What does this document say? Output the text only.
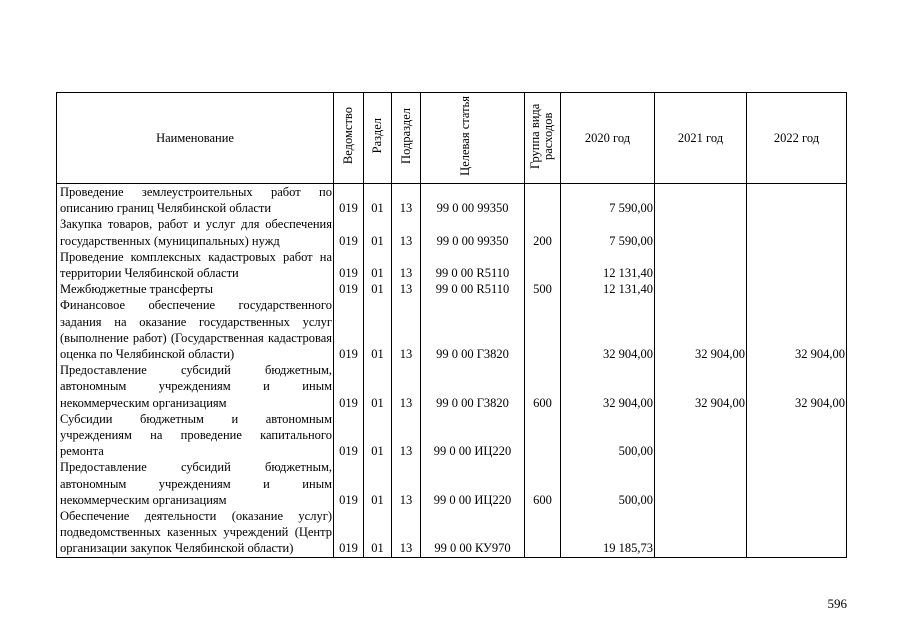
Наименование	Ведомство	Раздел	Подраздел	Целевая статья	Группа вида расходов	2020 год	2021 год	2022 год
Проведение землеустроительных работ по описанию границ Челябинской области	019	01	13	99 0 00 99350		7 590,00		
Закупка товаров, работ и услуг для обеспечения государственных (муниципальных) нужд	019	01	13	99 0 00 99350	200	7 590,00		
Проведение комплексных кадастровых работ на территории Челябинской области	019	01	13	99 0 00 R5110		12 131,40		
Межбюджетные трансферты	019	01	13	99 0 00 R5110	500	12 131,40		
Финансовое обеспечение государственного задания на оказание государственных услуг (выполнение работ) (Государственная кадастровая оценка по Челябинской области)	019	01	13	99 0 00 Г3820		32 904,00	32 904,00	32 904,00
Предоставление субсидий бюджетным, автономным учреждениям и иным некоммерческим организациям	019	01	13	99 0 00 Г3820	600	32 904,00	32 904,00	32 904,00
Субсидии бюджетным и автономным учреждениям на проведение капитального ремонта	019	01	13	99 0 00 ИЦ220		500,00		
Предоставление субсидий бюджетным, автономным учреждениям и иным некоммерческим организациям	019	01	13	99 0 00 ИЦ220	600	500,00		
Обеспечение деятельности (оказание услуг) подведомственных казенных учреждений (Центр организации закупок Челябинской области)	019	01	13	99 0 00 КУ970		19 185,73		
596
